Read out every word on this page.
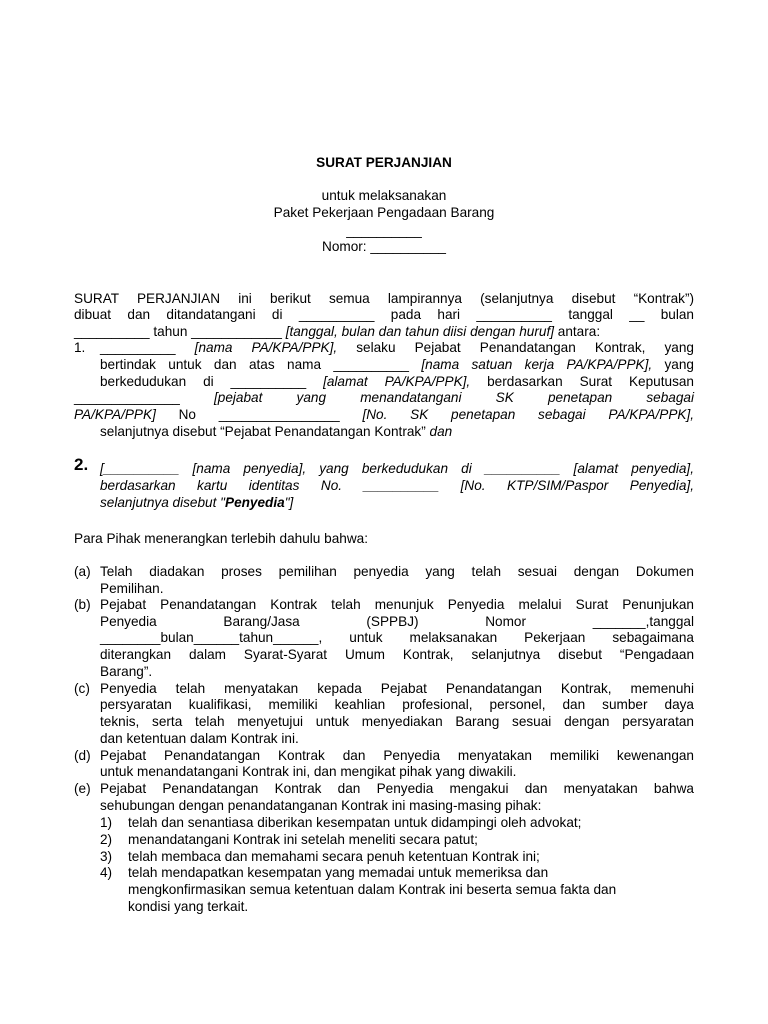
SURAT PERJANJIAN
untuk melaksanakan
Paket Pekerjaan Pengadaan Barang
__________
Nomor: __________
SURAT PERJANJIAN ini berikut semua lampirannya (selanjutnya disebut “Kontrak”)
dibuat dan ditandatangani di __________ pada hari __________ tanggal __ bulan
__________ tahun ____________ [tanggal, bulan dan tahun diisi dengan huruf] antara:
1. __________ [nama PA/KPA/PPK], selaku Pejabat Penandatangan Kontrak, yang
bertindak untuk dan atas nama __________ [nama satuan kerja PA/KPA/PPK], yang
berkedudukan di __________ [alamat PA/KPA/PPK], berdasarkan Surat Keputusan
______________ [pejabat yang menandatangani SK penetapan sebagai
PA/KPA/PPK] No ________________ [No. SK penetapan sebagai PA/KPA/PPK],
selanjutnya disebut “Pejabat Penandatangan Kontrak” dan
2. [__________ [nama penyedia], yang berkedudukan di __________ [alamat penyedia],
berdasarkan kartu identitas No. __________ [No. KTP/SIM/Paspor Penyedia],
selanjutnya disebut "Penyedia"]
Para Pihak menerangkan terlebih dahulu bahwa:
(a) Telah diadakan proses pemilihan penyedia yang telah sesuai dengan Dokumen
Pemilihan.
(b) Pejabat Penandatangan Kontrak telah menunjuk Penyedia melalui Surat Penunjukan
Penyedia Barang/Jasa (SPPBJ) Nomor _______,tanggal
________bulan______tahun______, untuk melaksanakan Pekerjaan sebagaimana
diterangkan dalam Syarat-Syarat Umum Kontrak, selanjutnya disebut “Pengadaan
Barang”.
(c) Penyedia telah menyatakan kepada Pejabat Penandatangan Kontrak, memenuhi
persyaratan kualifikasi, memiliki keahlian profesional, personel, dan sumber daya
teknis, serta telah menyetujui untuk menyediakan Barang sesuai dengan persyaratan
dan ketentuan dalam Kontrak ini.
(d) Pejabat Penandatangan Kontrak dan Penyedia menyatakan memiliki kewenangan
untuk menandatangani Kontrak ini, dan mengikat pihak yang diwakili.
(e) Pejabat Penandatangan Kontrak dan Penyedia mengakui dan menyatakan bahwa
sehubungan dengan penandatanganan Kontrak ini masing-masing pihak:
1) telah dan senantiasa diberikan kesempatan untuk didampingi oleh advokat;
2) menandatangani Kontrak ini setelah meneliti secara patut;
3) telah membaca dan memahami secara penuh ketentuan Kontrak ini;
4) telah mendapatkan kesempatan yang memadai untuk memeriksa dan
mengkonfirmasikan semua ketentuan dalam Kontrak ini beserta semua fakta dan
kondisi yang terkait.
